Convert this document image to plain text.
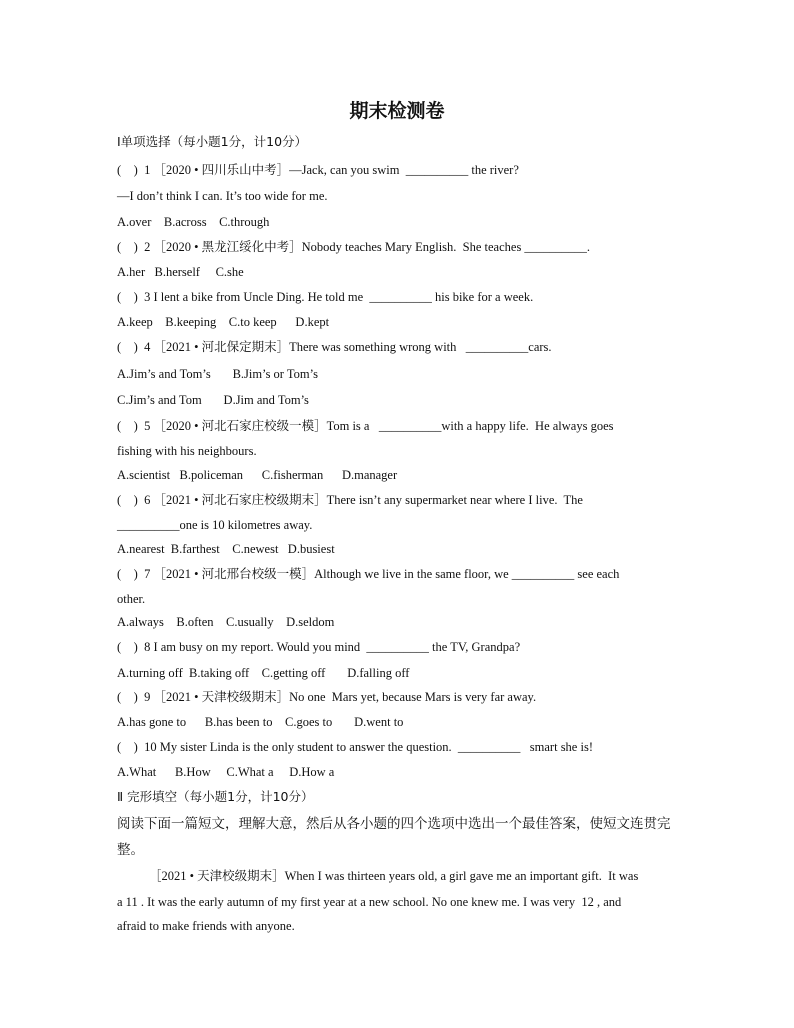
期末检测卷
Ⅰ单项选择（每小题1分，计10分）
(    )  1 ［2020 • 四川乐山中考］—Jack, can you swim  __________ the river?
—I don’t think I can. It’s too wide for me.
A.over    B.across    C.through
(    )  2 ［2020 • 黑龙江绥化中考］Nobody teaches Mary English.  She teaches __________.
A.her   B.herself     C.she
(    )  3 I lent a bike from Uncle Ding. He told me  __________ his bike for a week.
A.keep    B.keeping    C.to keep      D.kept
(    )  4 ［2021 • 河北保定期末］There was something wrong with   __________cars.
A.Jim’s and Tom’s       B.Jim’s or Tom’s
C.Jim’s and Tom       D.Jim and Tom’s
(    )  5 ［2020 • 河北石家庄校级一模］Tom is a   __________with a happy life.  He always goes
fishing with his neighbours.
A.scientist   B.policeman      C.fisherman      D.manager
(    )  6 ［2021 • 河北石家庄校级期末］There isn’t any supermarket near where I live.  The
__________one is 10 kilometres away.
A.nearest  B.farthest    C.newest   D.busiest
(    )  7 ［2021 • 河北邢台校级一模］Although we live in the same floor, we __________ see each
other.
A.always    B.often    C.usually    D.seldom
(    )  8 I am busy on my report. Would you mind  __________ the TV, Grandpa?
A.turning off  B.taking off    C.getting off       D.falling off
(    )  9 ［2021 • 天津校级期末］No one  Mars yet, because Mars is very far away.
A.has gone to      B.has been to    C.goes to       D.went to
(    )  10 My sister Linda is the only student to answer the question.  __________   smart she is!
A.What      B.How     C.What a     D.How a
Ⅱ 完形填空（每小题1分，计10分）
阅读下面一篇短文，理解大意，然后从各小题的四个选项中选出一个最佳答案，使短文连贯完
整。
［2021 • 天津校级期末］When I was thirteen years old, a girl gave me an important gift.  It was
a 11 . It was the early autumn of my first year at a new school. No one knew me. I was very  12 , and
afraid to make friends with anyone.
